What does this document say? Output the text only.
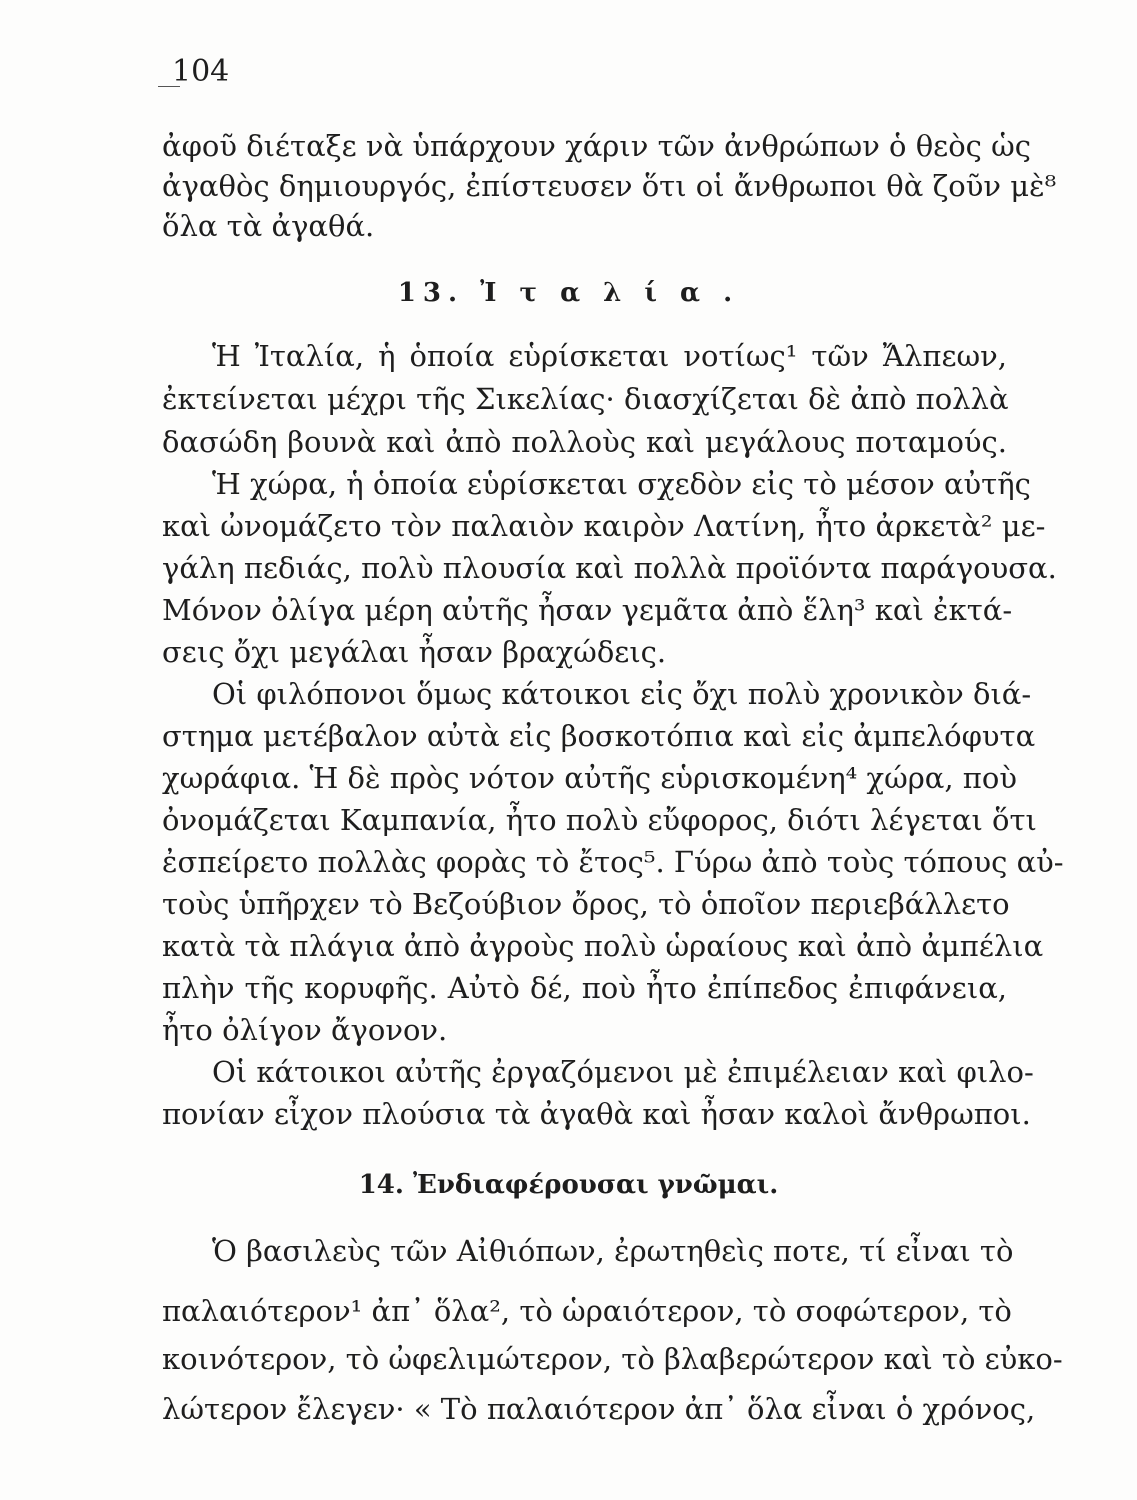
104
ἀφοῦ διέταξε νὰ ὑπάρχουν χάριν τῶν ἀνθρώπων ὁ θεὸς ὡς
ἀγαθὸς δημιουργός, ἐπίστευσεν ὅτι οἱ ἄνθρωποι θὰ ζοῦν μὲ⁸
ὅλα τὰ ἀγαθά.
13. Ἰ τ α λ ί α .
Ἡ Ἰταλία, ἡ ὁποία εὑρίσκεται νοτίως¹ τῶν Ἄλπεων,
ἐκτείνεται μέχρι τῆς Σικελίας· διασχίζεται δὲ ἀπὸ πολλὰ
δασώδη βουνὰ καὶ ἀπὸ πολλοὺς καὶ μεγάλους ποταμούς.
Ἡ χώρα, ἡ ὁποία εὑρίσκεται σχεδὸν εἰς τὸ μέσον αὐτῆς
καὶ ὠνομάζετο τὸν παλαιὸν καιρὸν Λατίνη, ἦτο ἀρκετὰ² με-
γάλη πεδιάς, πολὺ πλουσία καὶ πολλὰ προϊόντα παράγουσα.
Μόνον ὀλίγα μέρη αὐτῆς ἦσαν γεμᾶτα ἀπὸ ἕλη³ καὶ ἐκτά-
σεις ὄχι μεγάλαι ἦσαν βραχώδεις.
Οἱ φιλόπονοι ὅμως κάτοικοι εἰς ὄχι πολὺ χρονικὸν διά-
στημα μετέβαλον αὐτὰ εἰς βοσκοτόπια καὶ εἰς ἀμπελόφυτα
χωράφια. Ἡ δὲ πρὸς νότον αὐτῆς εὑρισκομένη⁴ χώρα, ποὺ
ὀνομάζεται Καμπανία, ἦτο πολὺ εὔφορος, διότι λέγεται ὅτι
ἐσπείρετο πολλὰς φορὰς τὸ ἔτος⁵. Γύρω ἀπὸ τοὺς τόπους αὐ-
τοὺς ὑπῆρχεν τὸ Βεζούβιον ὄρος, τὸ ὁποῖον περιεβάλλετο
κατὰ τὰ πλάγια ἀπὸ ἀγροὺς πολὺ ὡραίους καὶ ἀπὸ ἀμπέλια
πλὴν τῆς κορυφῆς. Αὐτὸ δέ, ποὺ ἦτο ἐπίπεδος ἐπιφάνεια,
ἦτο ὀλίγον ἄγονον.
Οἱ κάτοικοι αὐτῆς ἐργαζόμενοι μὲ ἐπιμέλειαν καὶ φιλο-
πονίαν εἶχον πλούσια τὰ ἀγαθὰ καὶ ἦσαν καλοὶ ἄνθρωποι.
14. Ἐνδιαφέρουσαι γνῶμαι.
Ὁ βασιλεὺς τῶν Αἰθιόπων, ἐρωτηθεὶς ποτε, τί εἶναι τὸ
παλαιότερον¹ ἀπ᾿ ὅλα², τὸ ὡραιότερον, τὸ σοφώτερον, τὸ
κοινότερον, τὸ ὠφελιμώτερον, τὸ βλαβερώτερον καὶ τὸ εὐκο-
λώτερον ἔλεγεν· « Τὸ παλαιότερον ἀπ᾿ ὅλα εἶναι ὁ χρόνος,
